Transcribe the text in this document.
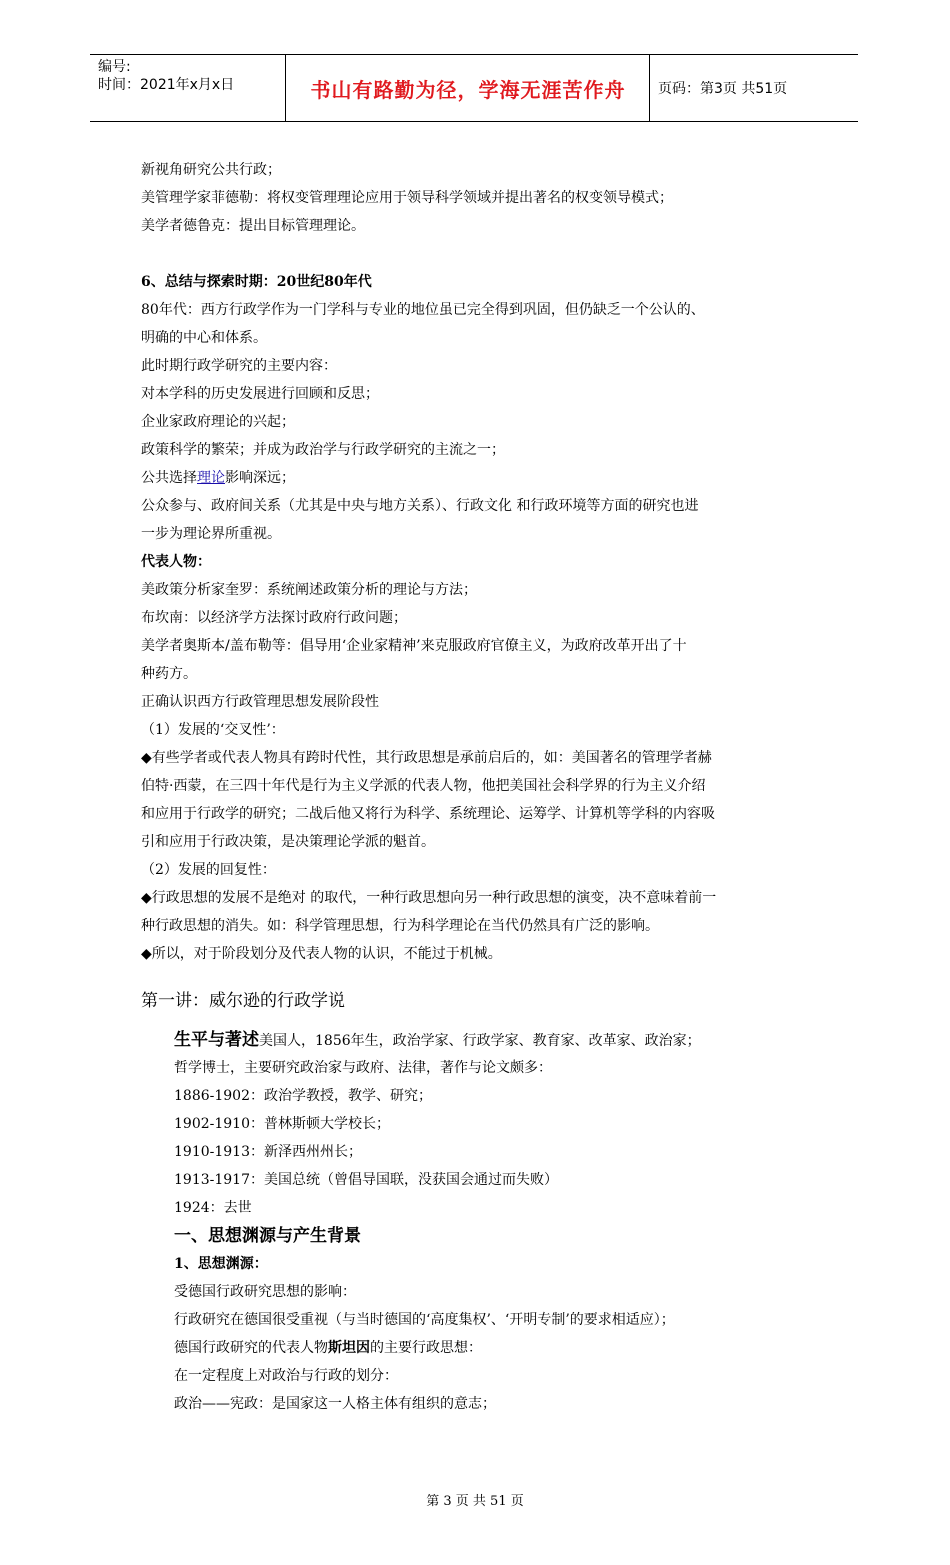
编号:
时间：2021年x月x日	书山有路勤为径，学海无涯苦作舟	页码：第3页 共51页
新视角研究公共行政；
美管理学家菲德勒：将权变管理理论应用于领导科学领域并提出著名的权变领导模式；
美学者德鲁克：提出目标管理理论。
6、总结与探索时期：20世纪80年代
80年代：西方行政学作为一门学科与专业的地位虽已完全得到巩固，但仍缺乏一个公认的、
明确的中心和体系。
此时期行政学研究的主要内容：
对本学科的历史发展进行回顾和反思；
企业家政府理论的兴起；
政策科学的繁荣；并成为政治学与行政学研究的主流之一；
公共选择理论影响深远；
公众参与、政府间关系（尤其是中央与地方关系）、行政文化 和行政环境等方面的研究也进
一步为理论界所重视。
代表人物：
美政策分析家奎罗：系统阐述政策分析的理论与方法；
布坎南：以经济学方法探讨政府行政问题；
美学者奥斯本/盖布勒等：倡导用‘企业家精神’来克服政府官僚主义，为政府改革开出了十
种药方。
正确认识西方行政管理思想发展阶段性
（1）发展的‘交叉性’：
◆有些学者或代表人物具有跨时代性，其行政思想是承前启后的，如：美国著名的管理学者赫
伯特·西蒙，在三四十年代是行为主义学派的代表人物，他把美国社会科学界的行为主义介绍
和应用于行政学的研究；二战后他又将行为科学、系统理论、运筹学、计算机等学科的内容吸
引和应用于行政决策，是决策理论学派的魁首。
（2）发展的回复性：
◆行政思想的发展不是绝对 的取代，一种行政思想向另一种行政思想的演变，决不意味着前一
种行政思想的消失。如：科学管理思想，行为科学理论在当代仍然具有广泛的影响。
◆所以，对于阶段划分及代表人物的认识，不能过于机械。
第一讲：威尔逊的行政学说
生平与著述美国人，1856年生，政治学家、行政学家、教育家、改革家、政治家；
哲学博士，主要研究政治家与政府、法律，著作与论文颇多：
1886-1902：政治学教授，教学、研究；
1902-1910：普林斯顿大学校长；
1910-1913：新泽西州州长；
1913-1917：美国总统（曾倡导国联，没获国会通过而失败）
1924：去世
一、思想渊源与产生背景
1、思想渊源：
受德国行政研究思想的影响：
行政研究在德国很受重视（与当时德国的‘高度集权’、‘开明专制’的要求相适应）；
德国行政研究的代表人物斯坦因的主要行政思想：
在一定程度上对政治与行政的划分：
政治——宪政：是国家这一人格主体有组织的意志；
第 3 页 共 51 页
